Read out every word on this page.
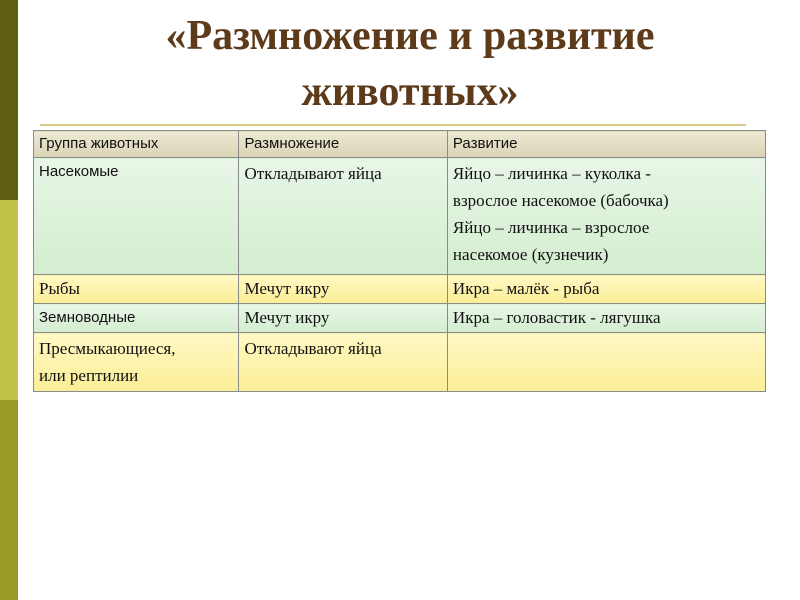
«Размножение и развитие
животных»
Группа животных	Размножение	Развитие
Насекомые	Откладывают яйца	Яйцо – личинка – куколка -
взрослое насекомое (бабочка)
Яйцо – личинка – взрослое
насекомое (кузнечик)

Рыбы	Мечут икру	Икра – малёк - рыба
Земноводные	Мечут икру	Икра – головастик - лягушка

Пресмыкающиеся,
или рептилии	Откладывают яйца	
